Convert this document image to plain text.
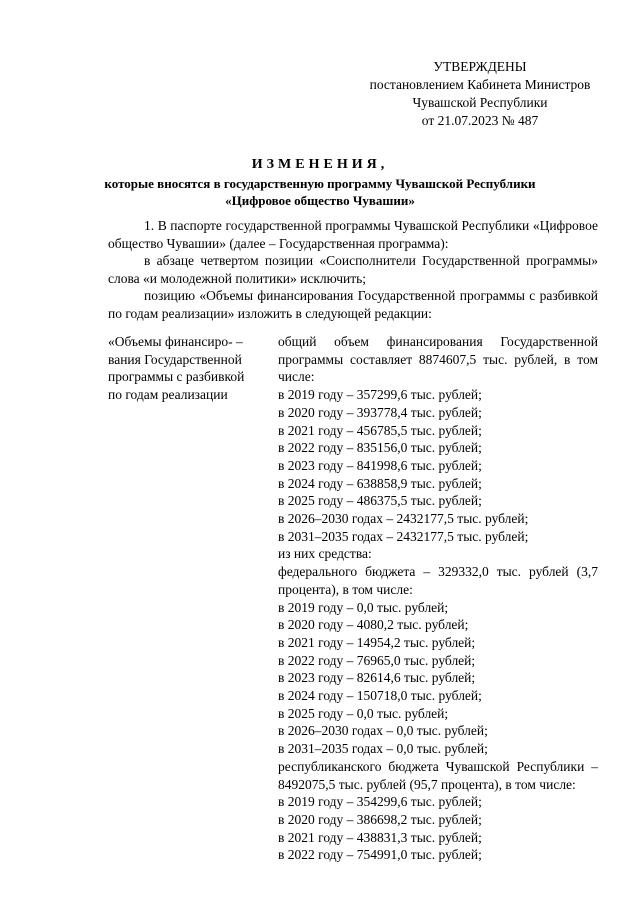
УТВЕРЖДЕНЫ
постановлением Кабинета Министров
Чувашской Республики
от 21.07.2023 № 487
ИЗМЕНЕНИЯ,
которые вносятся в государственную программу Чувашской Республики
«Цифровое общество Чувашии»

1. В паспорте государственной программы Чувашской Республики «Цифровое общество Чувашии» (далее – Государственная программа):

в абзаце четвертом позиции «Соисполнители Государственной программы» слова «и молодежной политики» исключить;

позицию «Объемы финансирования Государственной программы с разбивкой по годам реализации» изложить в следующей редакции:

«Объемы финансиро- –
вания Государственной
программы с разбивкой
по годам реализации
общий объем финансирования Государственной программы составляет 8874607,5 тыс. рублей, в том числе:
в 2019 году – 357299,6 тыс. рублей;
в 2020 году – 393778,4 тыс. рублей;
в 2021 году – 456785,5 тыс. рублей;
в 2022 году – 835156,0 тыс. рублей;
в 2023 году – 841998,6 тыс. рублей;
в 2024 году – 638858,9 тыс. рублей;
в 2025 году – 486375,5 тыс. рублей;
в 2026–2030 годах – 2432177,5 тыс. рублей;
в 2031–2035 годах – 2432177,5 тыс. рублей;
из них средства:
федерального бюджета – 329332,0 тыс. рублей (3,7 процента), в том числе:
в 2019 году – 0,0 тыс. рублей;
в 2020 году – 4080,2 тыс. рублей;
в 2021 году – 14954,2 тыс. рублей;
в 2022 году – 76965,0 тыс. рублей;
в 2023 году – 82614,6 тыс. рублей;
в 2024 году – 150718,0 тыс. рублей;
в 2025 году – 0,0 тыс. рублей;
в 2026–2030 годах – 0,0 тыс. рублей;
в 2031–2035 годах – 0,0 тыс. рублей;
республиканского бюджета Чувашской Республики – 8492075,5 тыс. рублей (95,7 процента), в том числе:
в 2019 году – 354299,6 тыс. рублей;
в 2020 году – 386698,2 тыс. рублей;
в 2021 году – 438831,3 тыс. рублей;
в 2022 году – 754991,0 тыс. рублей;
